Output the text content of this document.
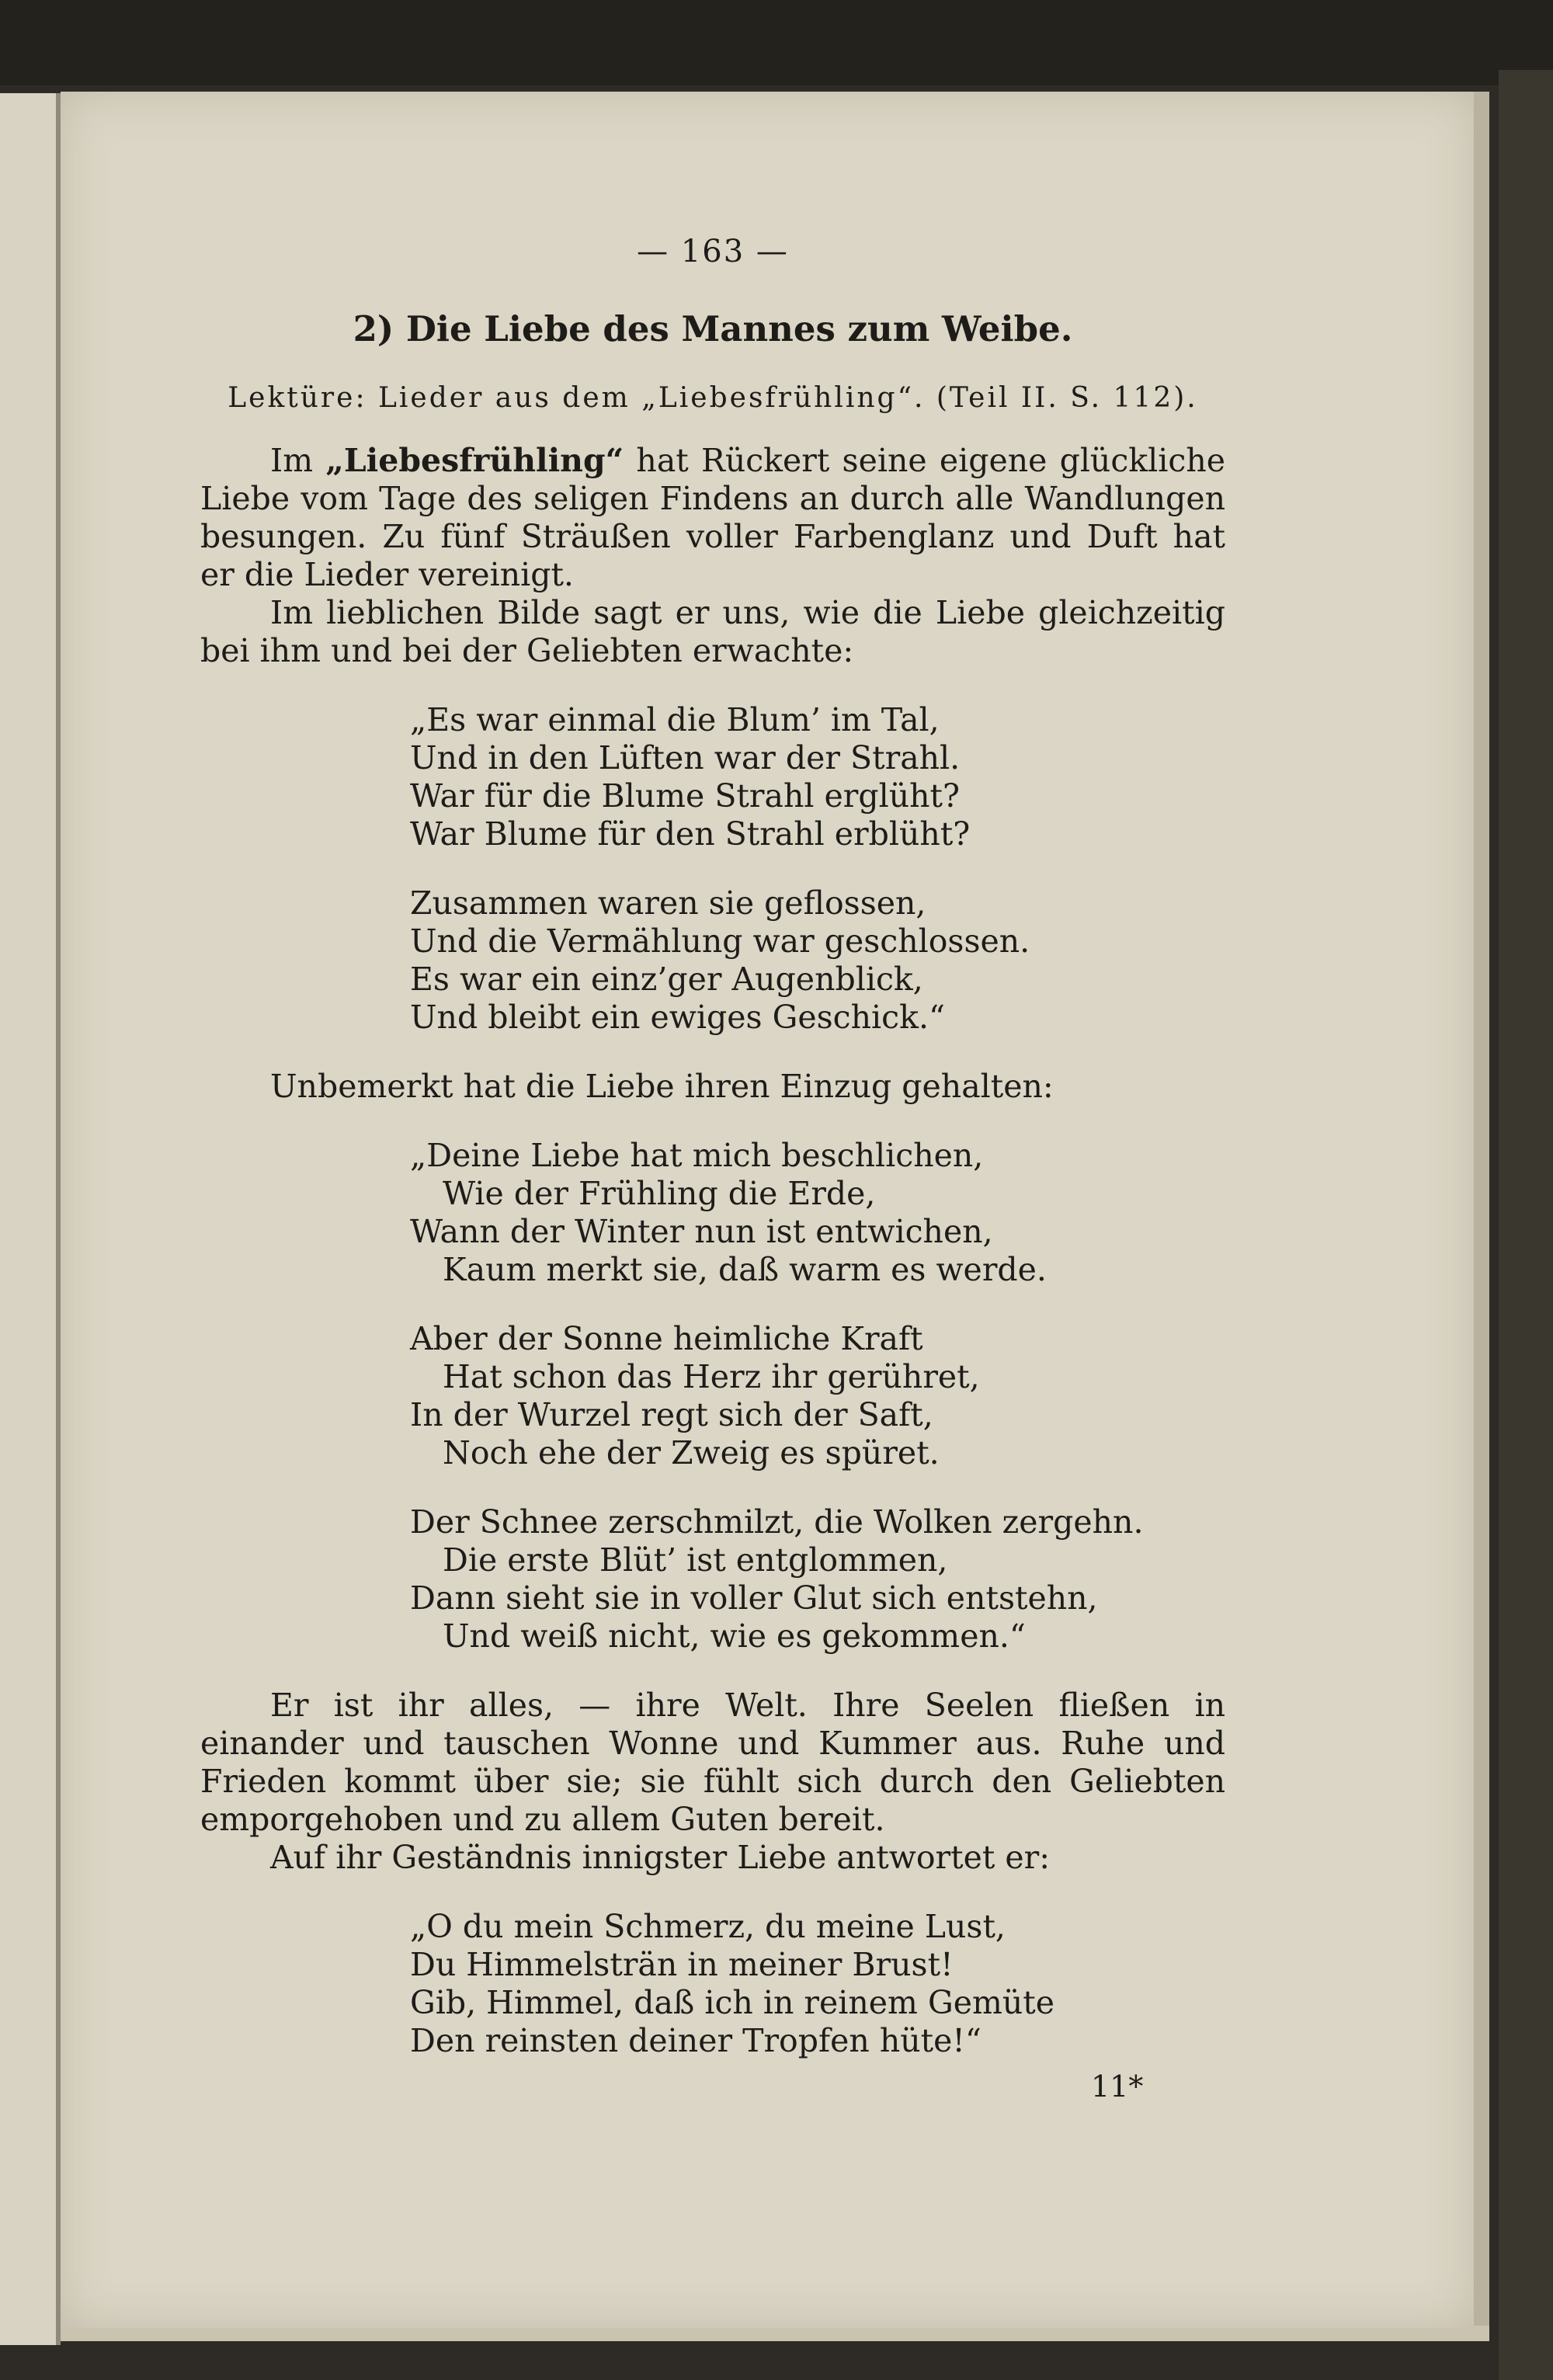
— 163 —
2) Die Liebe des Mannes zum Weibe.
Lektüre: Lieder aus dem „Liebesfrühling“. (Teil II. S. 112).

Im „Liebesfrühling“ hat Rückert seine eigene glückliche Liebe vom Tage des seligen Findens an durch alle Wandlungen besungen. Zu fünf Sträußen voller Farbenglanz und Duft hat er die Lieder vereinigt.

Im lieblichen Bilde sagt er uns, wie die Liebe gleichzeitig bei ihm und bei der Geliebten erwachte:

„Es war einmal die Blum’ im Tal,
Und in den Lüften war der Strahl.
War für die Blume Strahl erglüht?
War Blume für den Strahl erblüht?
Zusammen waren sie geflossen,
Und die Vermählung war geschlossen.
Es war ein einz’ger Augenblick,
Und bleibt ein ewiges Geschick.“

Unbemerkt hat die Liebe ihren Einzug gehalten:

„Deine Liebe hat mich beschlichen,
Wie der Frühling die Erde,
Wann der Winter nun ist entwichen,
Kaum merkt sie, daß warm es werde.
Aber der Sonne heimliche Kraft
Hat schon das Herz ihr gerühret,
In der Wurzel regt sich der Saft,
Noch ehe der Zweig es spüret.
Der Schnee zerschmilzt, die Wolken zergehn.
Die erste Blüt’ ist entglommen,
Dann sieht sie in voller Glut sich entstehn,
Und weiß nicht, wie es gekommen.“

Er ist ihr alles, — ihre Welt. Ihre Seelen fließen in einander und tauschen Wonne und Kummer aus. Ruhe und Frieden kommt über sie; sie fühlt sich durch den Geliebten emporgehoben und zu allem Guten bereit.

Auf ihr Geständnis innigster Liebe antwortet er:

„O du mein Schmerz, du meine Lust,
Du Himmelsträn in meiner Brust!
Gib, Himmel, daß ich in reinem Gemüte
Den reinsten deiner Tropfen hüte!“
11*
